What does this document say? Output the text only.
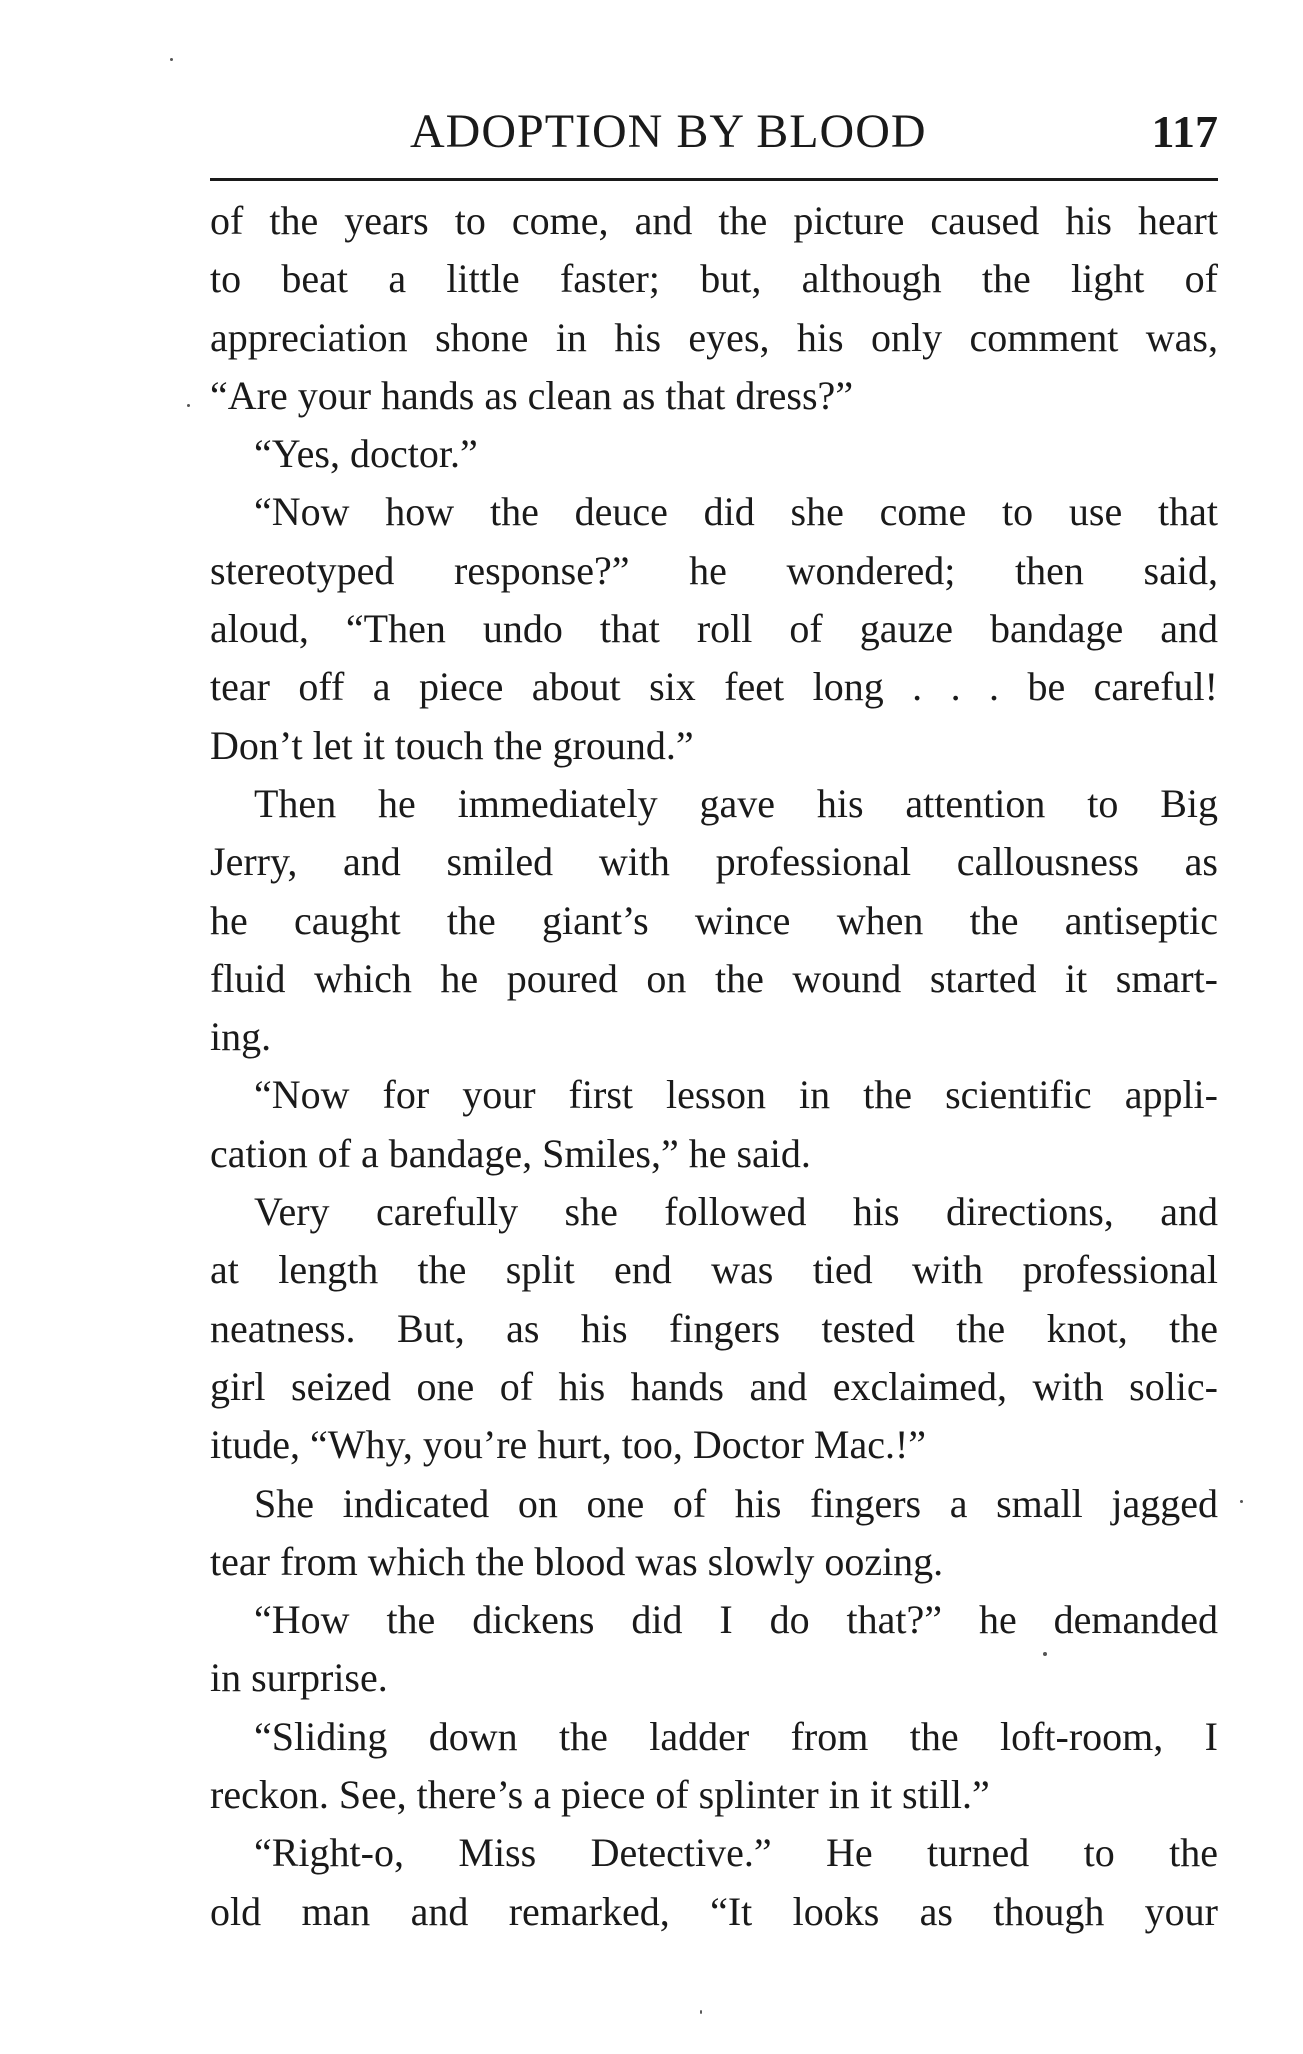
ADOPTION BY BLOOD	117
of the years to come, and the picture caused his heart
to beat a little faster; but, although the light of
appreciation shone in his eyes, his only comment was,
“Are your hands as clean as that dress?”
“Yes, doctor.”
“Now how the deuce did she come to use that
stereotyped response?” he wondered; then said,
aloud, “Then undo that roll of gauze bandage and
tear off a piece about six feet long . . . be careful!
Don’t let it touch the ground.”
Then he immediately gave his attention to Big
Jerry, and smiled with professional callousness as
he caught the giant’s wince when the antiseptic
fluid which he poured on the wound started it smart-
ing.
“Now for your first lesson in the scientific appli-
cation of a bandage, Smiles,” he said.
Very carefully she followed his directions, and
at length the split end was tied with professional
neatness. But, as his fingers tested the knot, the
girl seized one of his hands and exclaimed, with solic-
itude, “Why, you’re hurt, too, Doctor Mac.!”
She indicated on one of his fingers a small jagged
tear from which the blood was slowly oozing.
“How the dickens did I do that?” he demanded
in surprise.
“Sliding down the ladder from the loft-room, I
reckon. See, there’s a piece of splinter in it still.”
“Right-o, Miss Detective.” He turned to the
old man and remarked, “It looks as though your
